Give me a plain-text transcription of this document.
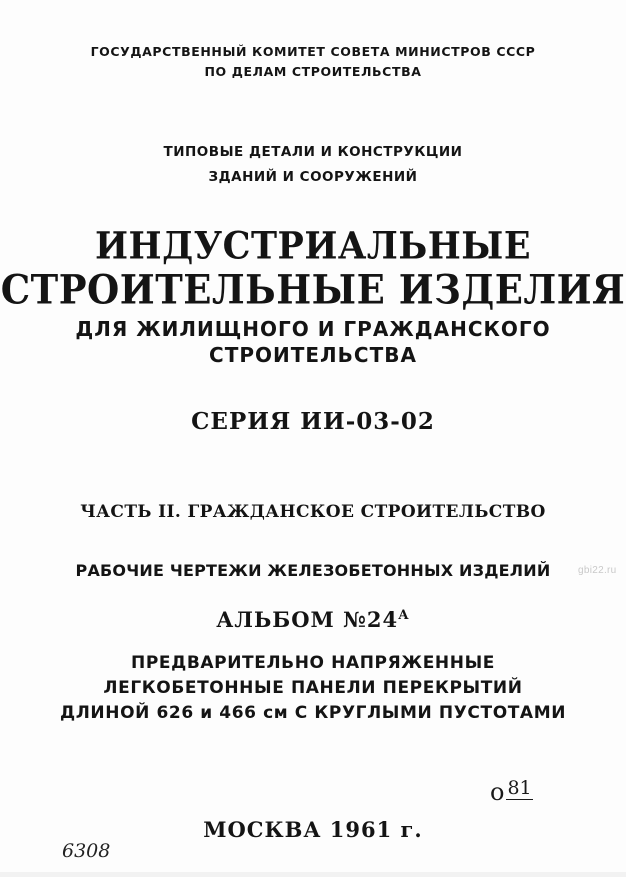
ГОСУДАРСТВЕННЫЙ КОМИТЕТ СОВЕТА МИНИСТРОВ СССР
ПО ДЕЛАМ СТРОИТЕЛЬСТВА
ТИПОВЫЕ ДЕТАЛИ И КОНСТРУКЦИИ
ЗДАНИЙ И СООРУЖЕНИЙ
ИНДУСТРИАЛЬНЫЕ
СТРОИТЕЛЬНЫЕ ИЗДЕЛИЯ
ДЛЯ ЖИЛИЩНОГО И ГРАЖДАНСКОГО
СТРОИТЕЛЬСТВА
СЕРИЯ ИИ-03-02
ЧАСТЬ II. ГРАЖДАНСКОЕ СТРОИТЕЛЬСТВО
РАБОЧИЕ ЧЕРТЕЖИ ЖЕЛЕЗОБЕТОННЫХ ИЗДЕЛИЙ
АЛЬБОМ $№24^А$
ПРЕДВАРИТЕЛЬНО НАПРЯЖЕННЫЕ
ЛЕГКОБЕТОННЫЕ ПАНЕЛИ ПЕРЕКРЫТИЙ
ДЛИНОЙ 626 и 466 см С КРУГЛЫМИ ПУСТОТАМИ
МОСКВА 1961 г.
6308
о $^{81}$
gbi22.ru
